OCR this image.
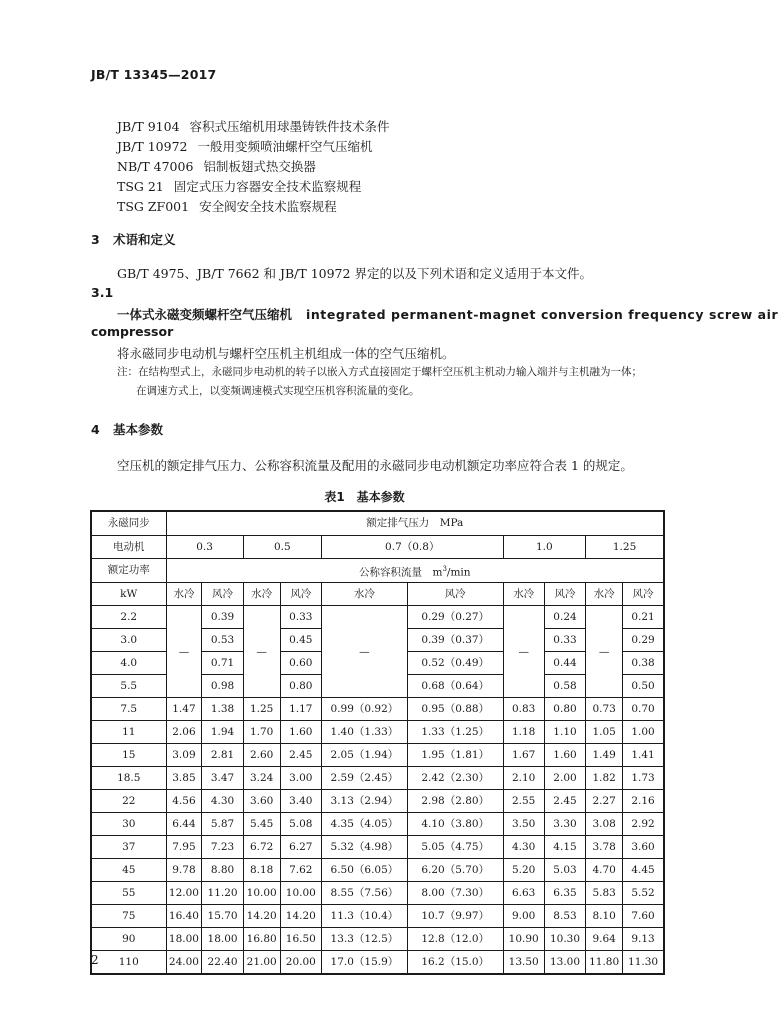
JB/T 13345—2017
JB/T 9104 容积式压缩机用球墨铸铁件技术条件
JB/T 10972 一般用变频喷油螺杆空气压缩机
NB/T 47006 铝制板翅式热交换器
TSG 21 固定式压力容器安全技术监察规程
TSG ZF001 安全阀安全技术监察规程
3 术语和定义
GB/T 4975、JB/T 7662 和 JB/T 10972 界定的以及下列术语和定义适用于本文件。
3.1
一体式永磁变频螺杆空气压缩机 integrated permanent-magnet conversion frequency screw air
compressor
将永磁同步电动机与螺杆空压机主机组成一体的空气压缩机。
注：在结构型式上，永磁同步电动机的转子以嵌入方式直接固定于螺杆空压机主机动力输入端并与主机融为一体；
在调速方式上，以变频调速模式实现空压机容积流量的变化。
4 基本参数
空压机的额定排气压力、公称容积流量及配用的永磁同步电动机额定功率应符合表 1 的规定。
表1　基本参数
永磁同步	额定排气压力　MPa									
电动机	0.3		0.5		0.7（0.8）		1.0		1.25	
额定功率	公称容积流量　$m^3/\min$									
kW	水冷	风冷	水冷	风冷	水冷	风冷	水冷	风冷	水冷	风冷
2.2	—	0.39	—	0.33	—	0.29（0.27）	—	0.24	—	0.21
3.0		0.53		0.45		0.39（0.37）		0.33		0.29
4.0		0.71		0.60		0.52（0.49）		0.44		0.38
5.5		0.98		0.80		0.68（0.64）		0.58		0.50
7.5	1.47	1.38	1.25	1.17	0.99（0.92）	0.95（0.88）	0.83	0.80	0.73	0.70
11	2.06	1.94	1.70	1.60	1.40（1.33）	1.33（1.25）	1.18	1.10	1.05	1.00
15	3.09	2.81	2.60	2.45	2.05（1.94）	1.95（1.81）	1.67	1.60	1.49	1.41
18.5	3.85	3.47	3.24	3.00	2.59（2.45）	2.42（2.30）	2.10	2.00	1.82	1.73
22	4.56	4.30	3.60	3.40	3.13（2.94）	2.98（2.80）	2.55	2.45	2.27	2.16
30	6.44	5.87	5.45	5.08	4.35（4.05）	4.10（3.80）	3.50	3.30	3.08	2.92
37	7.95	7.23	6.72	6.27	5.32（4.98）	5.05（4.75）	4.30	4.15	3.78	3.60
45	9.78	8.80	8.18	7.62	6.50（6.05）	6.20（5.70）	5.20	5.03	4.70	4.45
55	12.00	11.20	10.00	10.00	8.55（7.56）	8.00（7.30）	6.63	6.35	5.83	5.52
75	16.40	15.70	14.20	14.20	11.3（10.4）	10.7（9.97）	9.00	8.53	8.10	7.60
90	18.00	18.00	16.80	16.50	13.3（12.5）	12.8（12.0）	10.90	10.30	9.64	9.13
110	24.00	22.40	21.00	20.00	17.0（15.9）	16.2（15.0）	13.50	13.00	11.80	11.30
2
